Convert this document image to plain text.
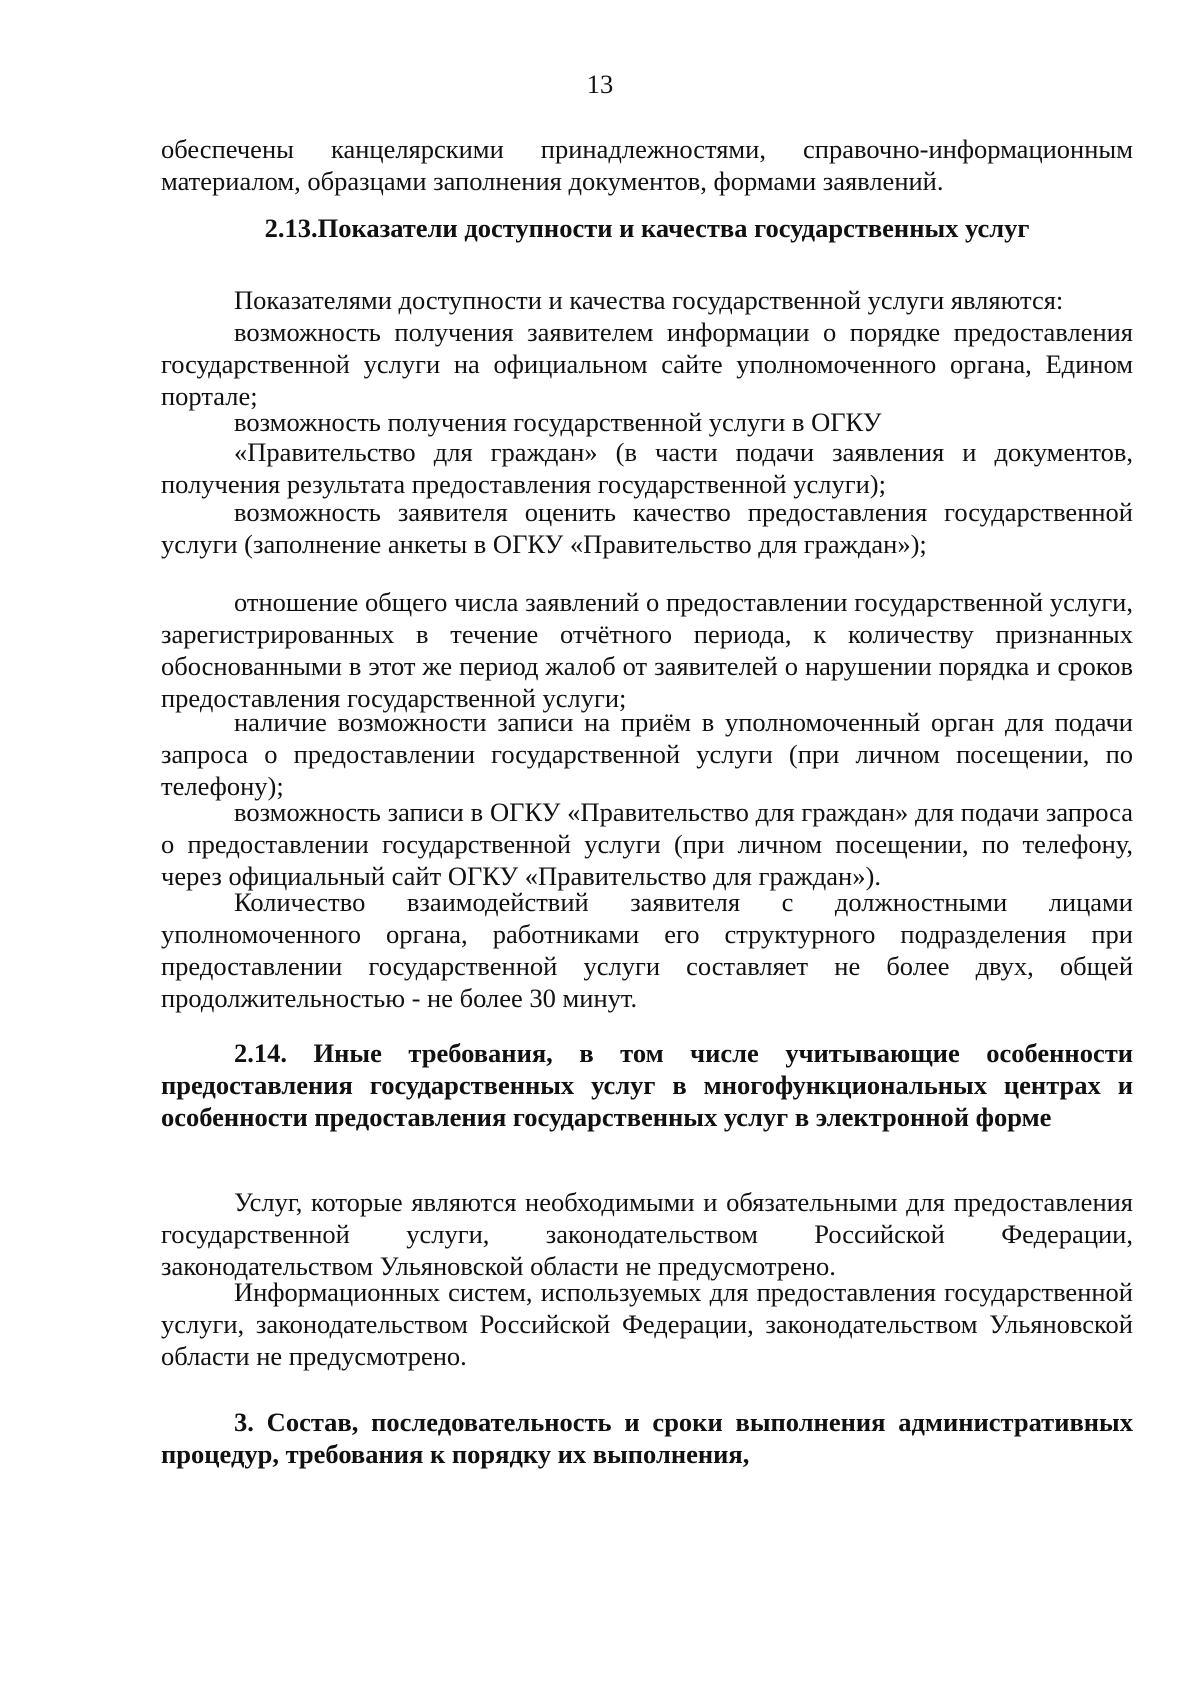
13

обеспечены канцелярскими принадлежностями, справочно-информационным материалом, образцами заполнения документов, формами заявлений.

2.13.Показатели доступности и качества государственных услуг

Показателями доступности и качества государственной услуги являются:

возможность получения заявителем информации о порядке предоставления государственной услуги на официальном сайте уполномоченного органа, Едином портале;

возможность получения государственной услуги в ОГКУ

«Правительство для граждан» (в части подачи заявления и документов, получения результата предоставления государственной услуги);

возможность заявителя оценить качество предоставления государственной услуги (заполнение анкеты в ОГКУ «Правительство для граждан»);

отношение общего числа заявлений о предоставлении государственной услуги, зарегистрированных в течение отчётного периода, к количеству признанных обоснованными в этот же период жалоб от заявителей о нарушении порядка и сроков предоставления государственной услуги;

наличие возможности записи на приём в уполномоченный орган для подачи запроса о предоставлении государственной услуги (при личном посещении, по телефону);

возможность записи в ОГКУ «Правительство для граждан» для подачи запроса о предоставлении государственной услуги (при личном посещении, по телефону, через официальный сайт ОГКУ «Правительство для граждан»).

Количество взаимодействий заявителя с должностными лицами уполномоченного органа, работниками его структурного подразделения при предоставлении государственной услуги составляет не более двух, общей продолжительностью - не более 30 минут.

2.14. Иные требования, в том числе учитывающие особенности предоставления государственных услуг в многофункциональных центрах и особенности предоставления государственных услуг в электронной форме

Услуг, которые являются необходимыми и обязательными для предоставления государственной услуги, законодательством Российской Федерации, законодательством Ульяновской области не предусмотрено.

Информационных систем, используемых для предоставления государственной услуги, законодательством Российской Федерации, законодательством Ульяновской области не предусмотрено.

3. Состав, последовательность и сроки выполнения административных процедур, требования к порядку их выполнения,
